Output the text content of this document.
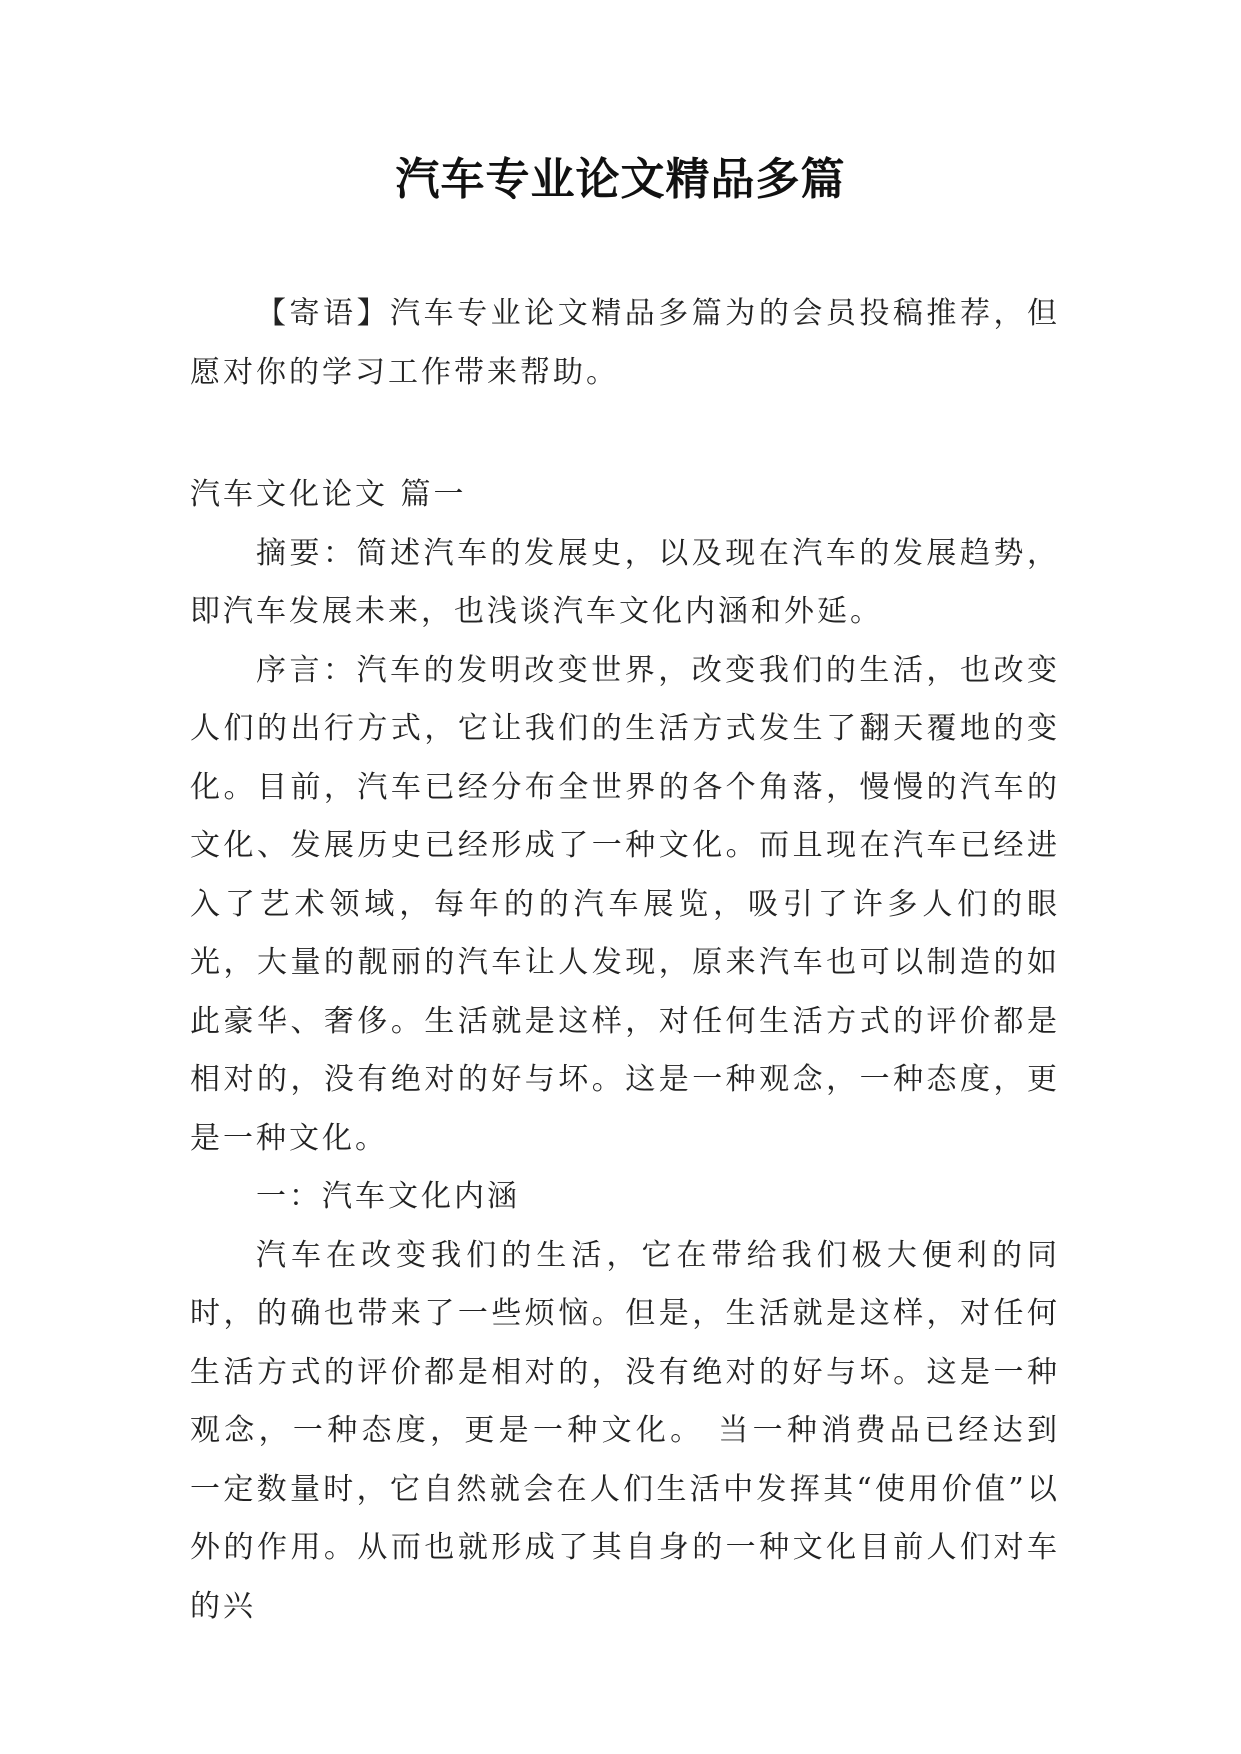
汽车专业论文精品多篇

【寄语】汽车专业论文精品多篇为的会员投稿推荐，但愿对你的学习工作带来帮助。

汽车文化论文 篇一

摘要：简述汽车的发展史，以及现在汽车的发展趋势，即汽车发展未来，也浅谈汽车文化内涵和外延。

序言：汽车的发明改变世界，改变我们的生活，也改变人们的出行方式，它让我们的生活方式发生了翻天覆地的变化。目前，汽车已经分布全世界的各个角落，慢慢的汽车的文化、发展历史已经形成了一种文化。而且现在汽车已经进入了艺术领域，每年的的汽车展览，吸引了许多人们的眼光，大量的靓丽的汽车让人发现，原来汽车也可以制造的如此豪华、奢侈。生活就是这样，对任何生活方式的评价都是相对的，没有绝对的好与坏。这是一种观念，一种态度，更是一种文化。

一：汽车文化内涵

汽车在改变我们的生活，它在带给我们极大便利的同时，的确也带来了一些烦恼。但是，生活就是这样，对任何生活方式的评价都是相对的，没有绝对的好与坏。这是一种观念，一种态度，更是一种文化。 当一种消费品已经达到一定数量时，它自然就会在人们生活中发挥其“使用价值”以外的作用。从而也就形成了其自身的一种文化目前人们对车的兴
